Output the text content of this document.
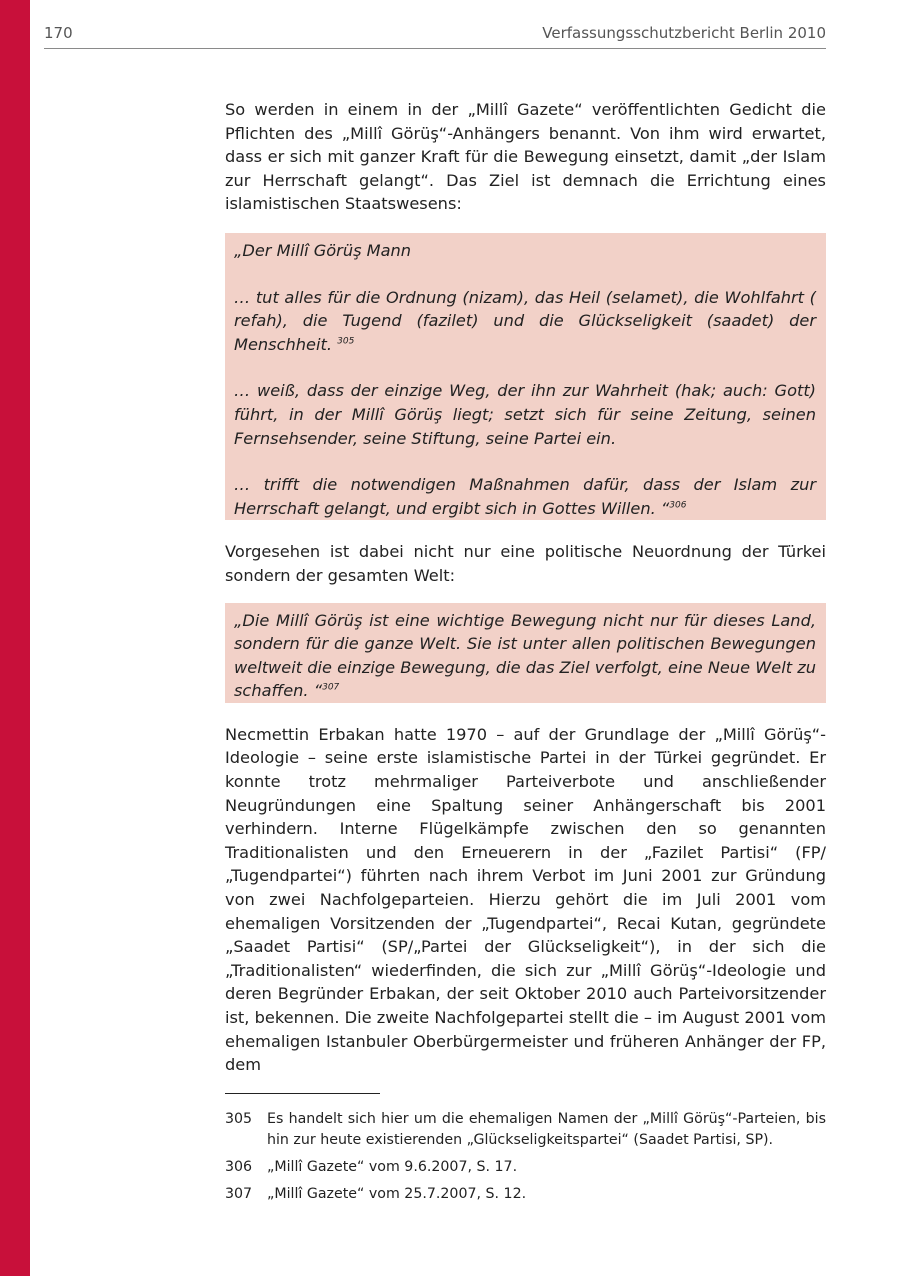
170	Verfassungsschutzbericht Berlin 2010

So werden in einem in der „Millî Gazete“ veröffentlichten Gedicht die Pflichten des „Millî Görüş“-Anhängers benannt. Von ihm wird erwartet, dass er sich mit ganzer Kraft für die Bewegung einsetzt, damit „der Islam zur Herrschaft gelangt“. Das Ziel ist demnach die Errichtung eines islamistischen Staatswesens:

„Der Millî Görüş Mann

… tut alles für die Ordnung (nizam), das Heil (selamet), die Wohlfahrt ( refah), die Tugend (fazilet) und die Glückseligkeit (saadet) der Menschheit. $^{305}$

… weiß, dass der einzige Weg, der ihn zur Wahrheit (hak; auch: Gott) führt, in der Millî Görüş liegt; setzt sich für seine Zeitung, seinen Fernsehsender, seine Stiftung, seine Partei ein.

… trifft die notwendigen Maßnahmen dafür, dass der Islam zur Herrschaft gelangt, und ergibt sich in Gottes Willen. “$^{306}$

Vorgesehen ist dabei nicht nur eine politische Neuordnung der Türkei sondern der gesamten Welt:

„Die Millî Görüş ist eine wichtige Bewegung nicht nur für dieses Land, sondern für die ganze Welt. Sie ist unter allen politischen Bewegungen weltweit die einzige Bewegung, die das Ziel verfolgt, eine Neue Welt zu schaffen. “$^{307}$

Necmettin Erbakan hatte 1970 – auf der Grundlage der „Millî Görüş“-Ideologie – seine erste islamistische Partei in der Türkei gegründet. Er konnte trotz mehrmaliger Parteiverbote und anschließender Neugründungen eine Spaltung seiner Anhängerschaft bis 2001 verhindern. Interne Flügelkämpfe zwischen den so genannten Traditionalisten und den Erneuerern in der „Fazilet Partisi“ (FP/„Tugendpartei“) führten nach ihrem Verbot im Juni 2001 zur Gründung von zwei Nachfolgeparteien. Hierzu gehört die im Juli 2001 vom ehemaligen Vorsitzenden der „Tugendpartei“, Recai Kutan, gegründete „Saadet Partisi“ (SP/„Partei der Glückseligkeit“), in der sich die „Traditionalisten“ wiederfinden, die sich zur „Millî Görüş“-Ideologie und deren Begründer Erbakan, der seit Oktober 2010 auch Parteivorsitzender ist, bekennen. Die zweite Nachfolgepartei stellt die – im August 2001 vom ehemaligen Istanbuler Oberbürgermeister und früheren Anhänger der FP, dem

305	Es handelt sich hier um die ehemaligen Namen der „Millî Görüş“-Parteien, bis hin zur heute existierenden „Glückseligkeitspartei“ (Saadet Partisi, SP).
306	„Millî Gazete“ vom 9.6.2007, S. 17.
307	„Millî Gazete“ vom 25.7.2007, S. 12.
